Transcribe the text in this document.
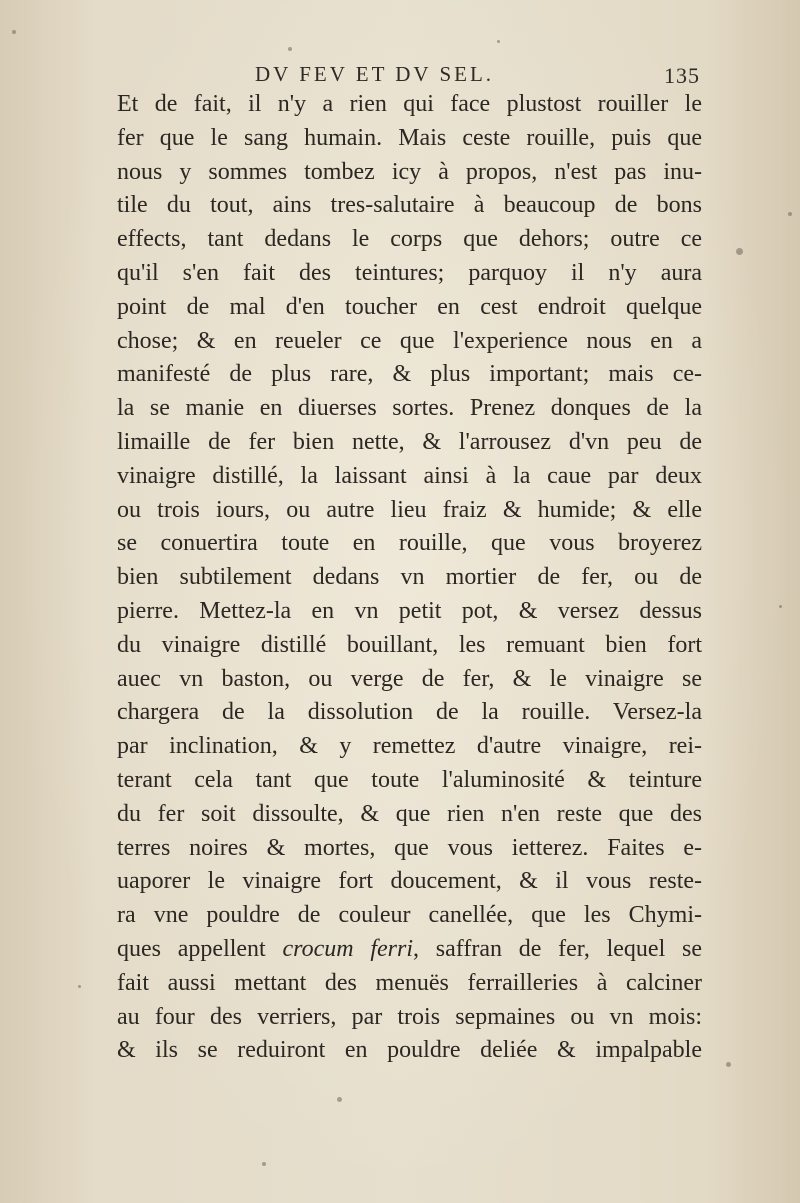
DV FEV ET DV SEL.	135
Et de fait, il n'y a rien qui face plustost rouiller le
fer que le sang humain. Mais ceste rouille, puis que
nous y sommes tombez icy à propos, n'est pas inu-
tile du tout, ains tres-salutaire à beaucoup de bons
effects, tant dedans le corps que dehors; outre ce
qu'il s'en fait des teintures; parquoy il n'y aura
point de mal d'en toucher en cest endroit quelque
chose; & en reueler ce que l'experience nous en a
manifesté de plus rare, & plus important; mais ce-
la se manie en diuerses sortes. Prenez donques de la
limaille de fer bien nette, & l'arrousez d'vn peu de
vinaigre distillé, la laissant ainsi à la caue par deux
ou trois iours, ou autre lieu fraiz & humide; & elle
se conuertira toute en rouille, que vous broyerez
bien subtilement dedans vn mortier de fer, ou de
pierre. Mettez-la en vn petit pot, & versez dessus
du vinaigre distillé bouillant, les remuant bien fort
auec vn baston, ou verge de fer, & le vinaigre se
chargera de la dissolution de la rouille. Versez-la
par inclination, & y remettez d'autre vinaigre, rei-
terant cela tant que toute l'aluminosité & teinture
du fer soit dissoulte, & que rien n'en reste que des
terres noires & mortes, que vous ietterez. Faites e-
uaporer le vinaigre fort doucement, & il vous reste-
ra vne pouldre de couleur canellée, que les Chymi-
ques appellent crocum ferri, saffran de fer, lequel se
fait aussi mettant des menuës ferrailleries à calciner
au four des verriers, par trois sepmaines ou vn mois:
& ils se reduiront en pouldre deliée & impalpable
